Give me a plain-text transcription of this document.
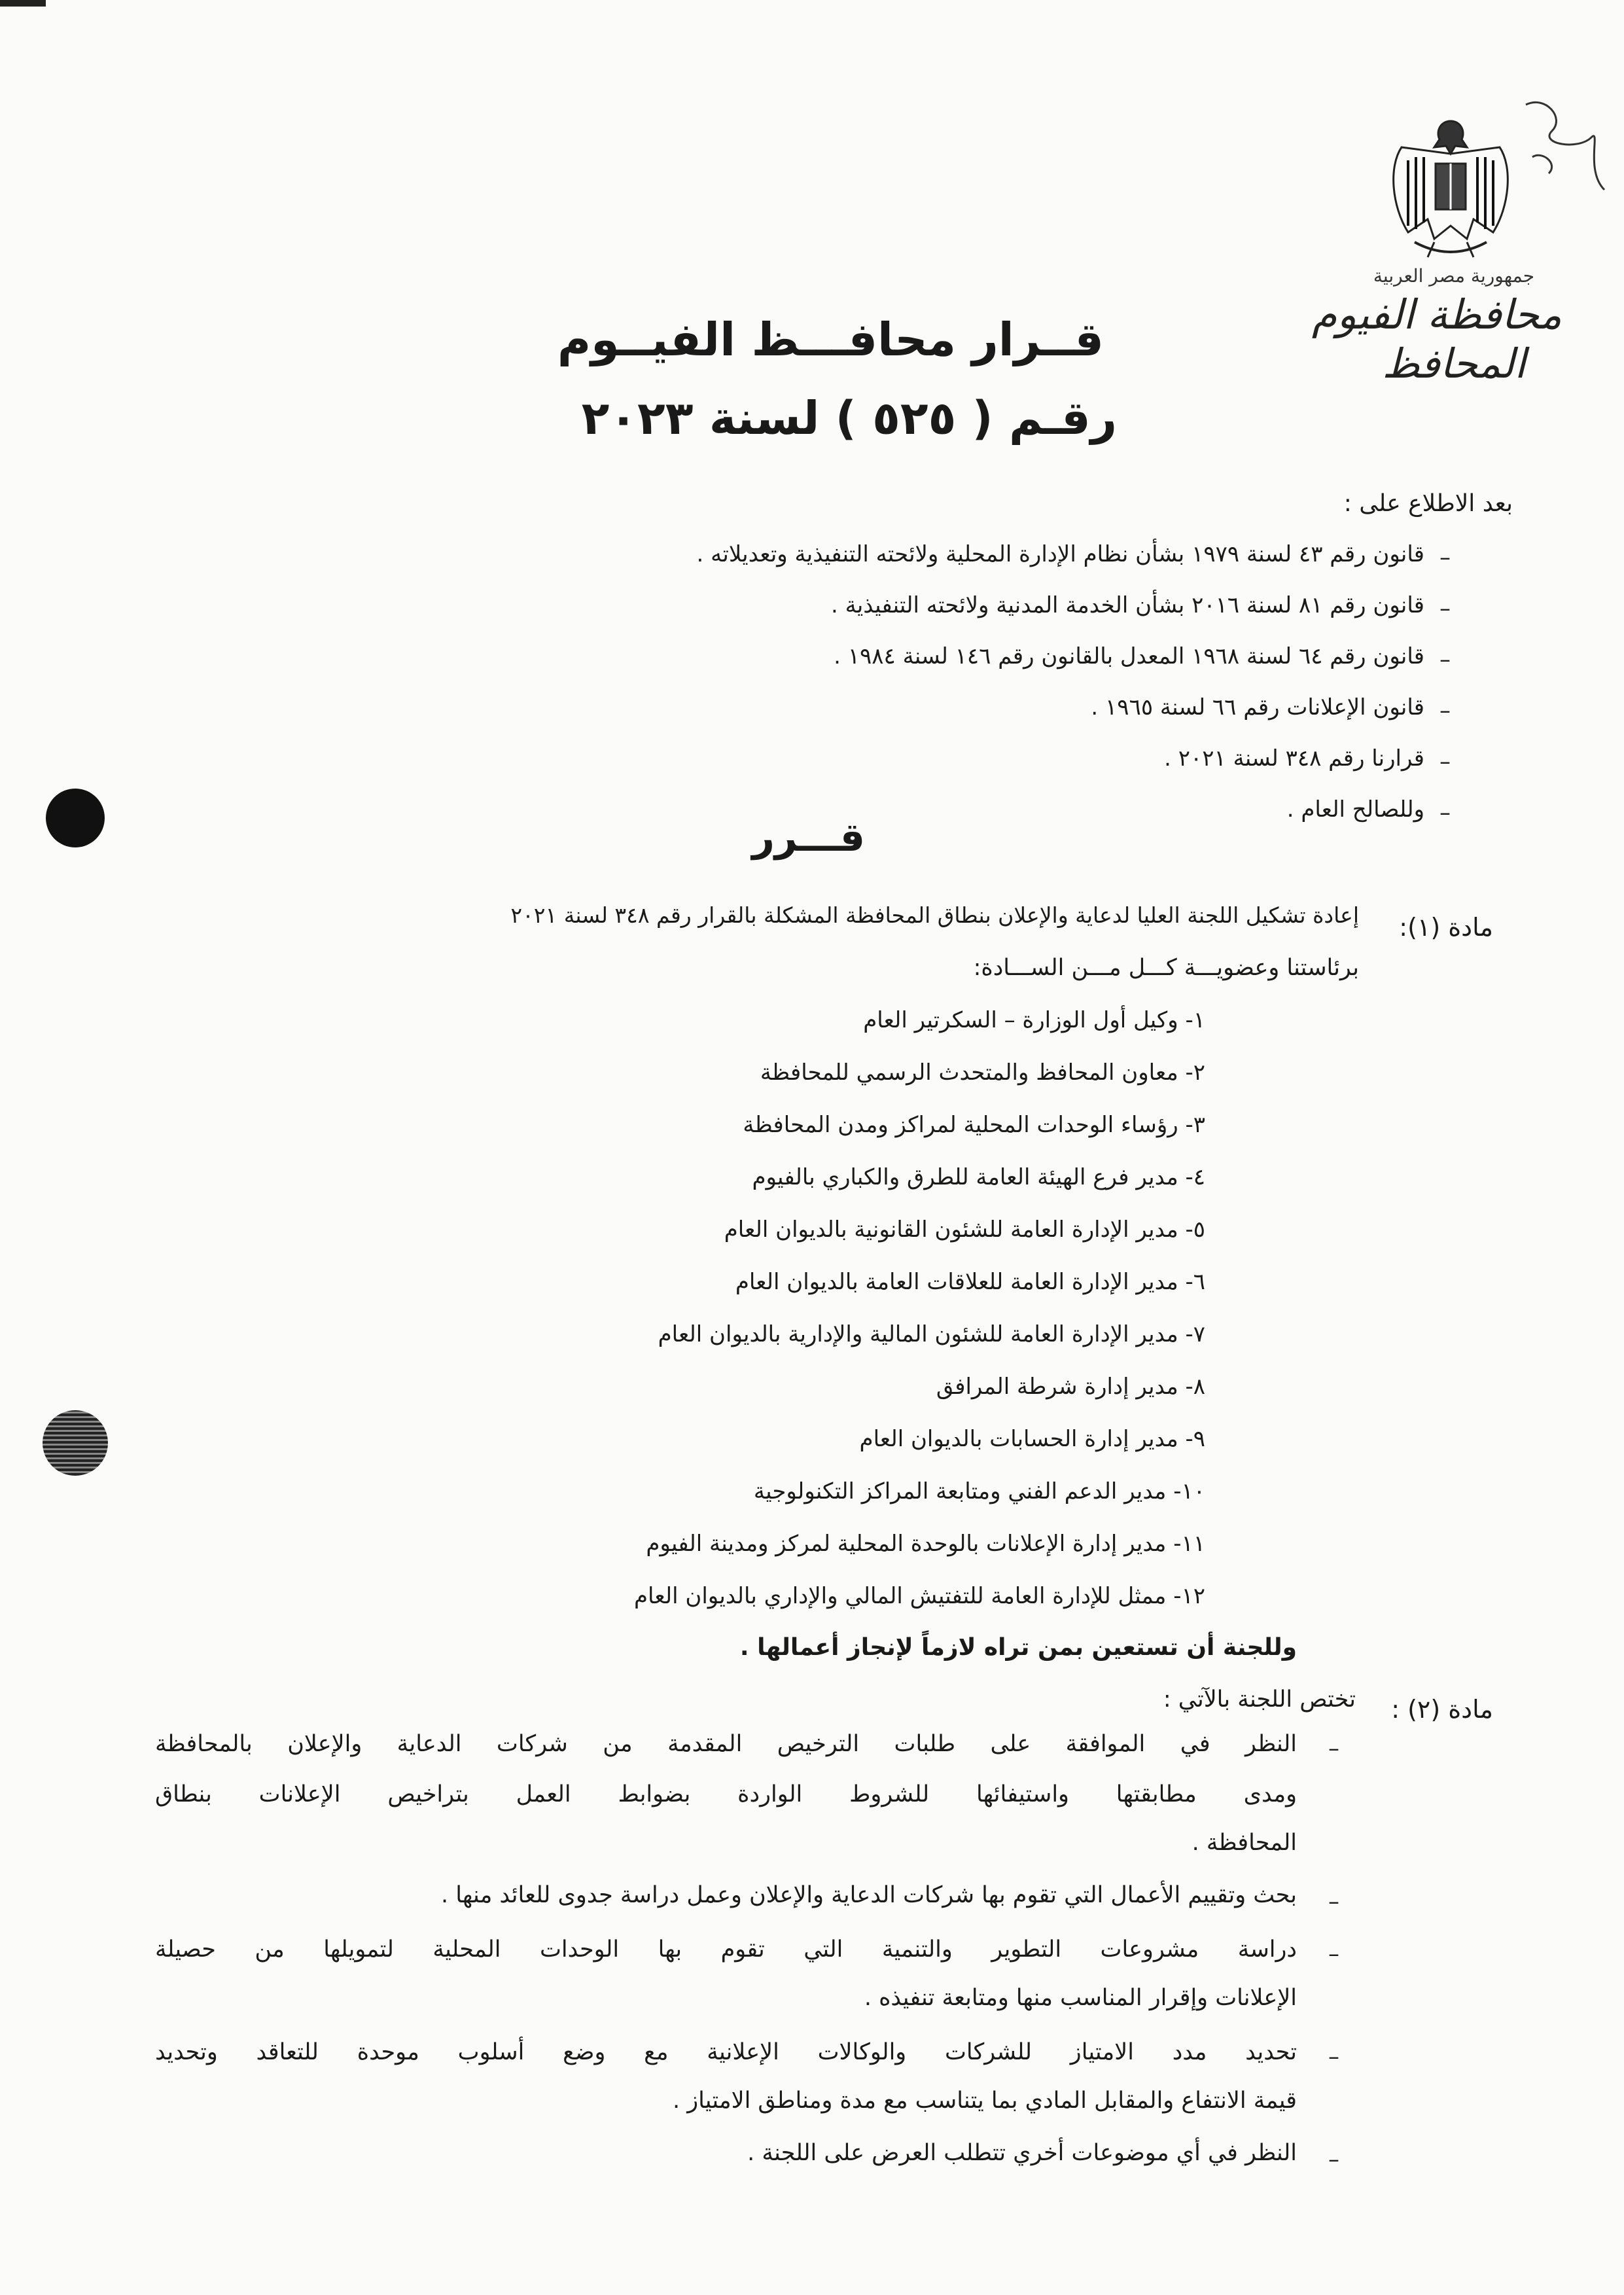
جمهورية مصر العربية
محافظة الفيوم
المحافظ
قــرار محافـــظ الفيــوم
رقـم ( ٥٢٥ ) لسنة ٢٠٢٣
بعد الاطلاع على :
–
قانون رقم ٤٣ لسنة ١٩٧٩ بشأن نظام الإدارة المحلية ولائحته التنفيذية وتعديلاته .
–
قانون رقم ٨١ لسنة ٢٠١٦ بشأن الخدمة المدنية ولائحته التنفيذية .
–
قانون رقم ٦٤ لسنة ١٩٦٨ المعدل بالقانون رقم ١٤٦ لسنة ١٩٨٤ .
–
قانون الإعلانات رقم ٦٦ لسنة ١٩٦٥ .
–
قرارنا رقم ٣٤٨ لسنة ٢٠٢١ .
–
وللصالح العام .
قـــرر
مادة (١):
إعادة تشكيل اللجنة العليا لدعاية والإعلان بنطاق المحافظة المشكلة بالقرار رقم ٣٤٨ لسنة ٢٠٢١
برئاستنا وعضويـــة كـــل مـــن الســـادة:
١- وكيل أول الوزارة – السكرتير العام
٢- معاون المحافظ والمتحدث الرسمي للمحافظة
٣- رؤساء الوحدات المحلية لمراكز ومدن المحافظة
٤- مدير فرع الهيئة العامة للطرق والكباري بالفيوم
٥- مدير الإدارة العامة للشئون القانونية بالديوان العام
٦- مدير الإدارة العامة للعلاقات العامة بالديوان العام
٧- مدير الإدارة العامة للشئون المالية والإدارية بالديوان العام
٨- مدير إدارة شرطة المرافق
٩- مدير إدارة الحسابات بالديوان العام
١٠- مدير الدعم الفني ومتابعة المراكز التكنولوجية
١١- مدير إدارة الإعلانات بالوحدة المحلية لمركز ومدينة الفيوم
١٢- ممثل للإدارة العامة للتفتيش المالي والإداري بالديوان العام
وللجنة أن تستعين بمن تراه لازماً لإنجاز أعمالها .
مادة (٢) :
تختص اللجنة بالآتي :
–
النظر في الموافقة على طلبات الترخيص المقدمة من شركات الدعاية والإعلان بالمحافظة
ومدى مطابقتها واستيفائها للشروط الواردة بضوابط العمل بتراخيص الإعلانات بنطاق
المحافظة .
–
بحث وتقييم الأعمال التي تقوم بها شركات الدعاية والإعلان وعمل دراسة جدوى للعائد منها .
–
دراسة مشروعات التطوير والتنمية التي تقوم بها الوحدات المحلية لتمويلها من حصيلة
الإعلانات وإقرار المناسب منها ومتابعة تنفيذه .
–
تحديد مدد الامتياز للشركات والوكالات الإعلانية مع وضع أسلوب موحدة للتعاقد وتحديد
قيمة الانتفاع والمقابل المادي بما يتناسب مع مدة ومناطق الامتياز .
–
النظر في أي موضوعات أخري تتطلب العرض على اللجنة .
